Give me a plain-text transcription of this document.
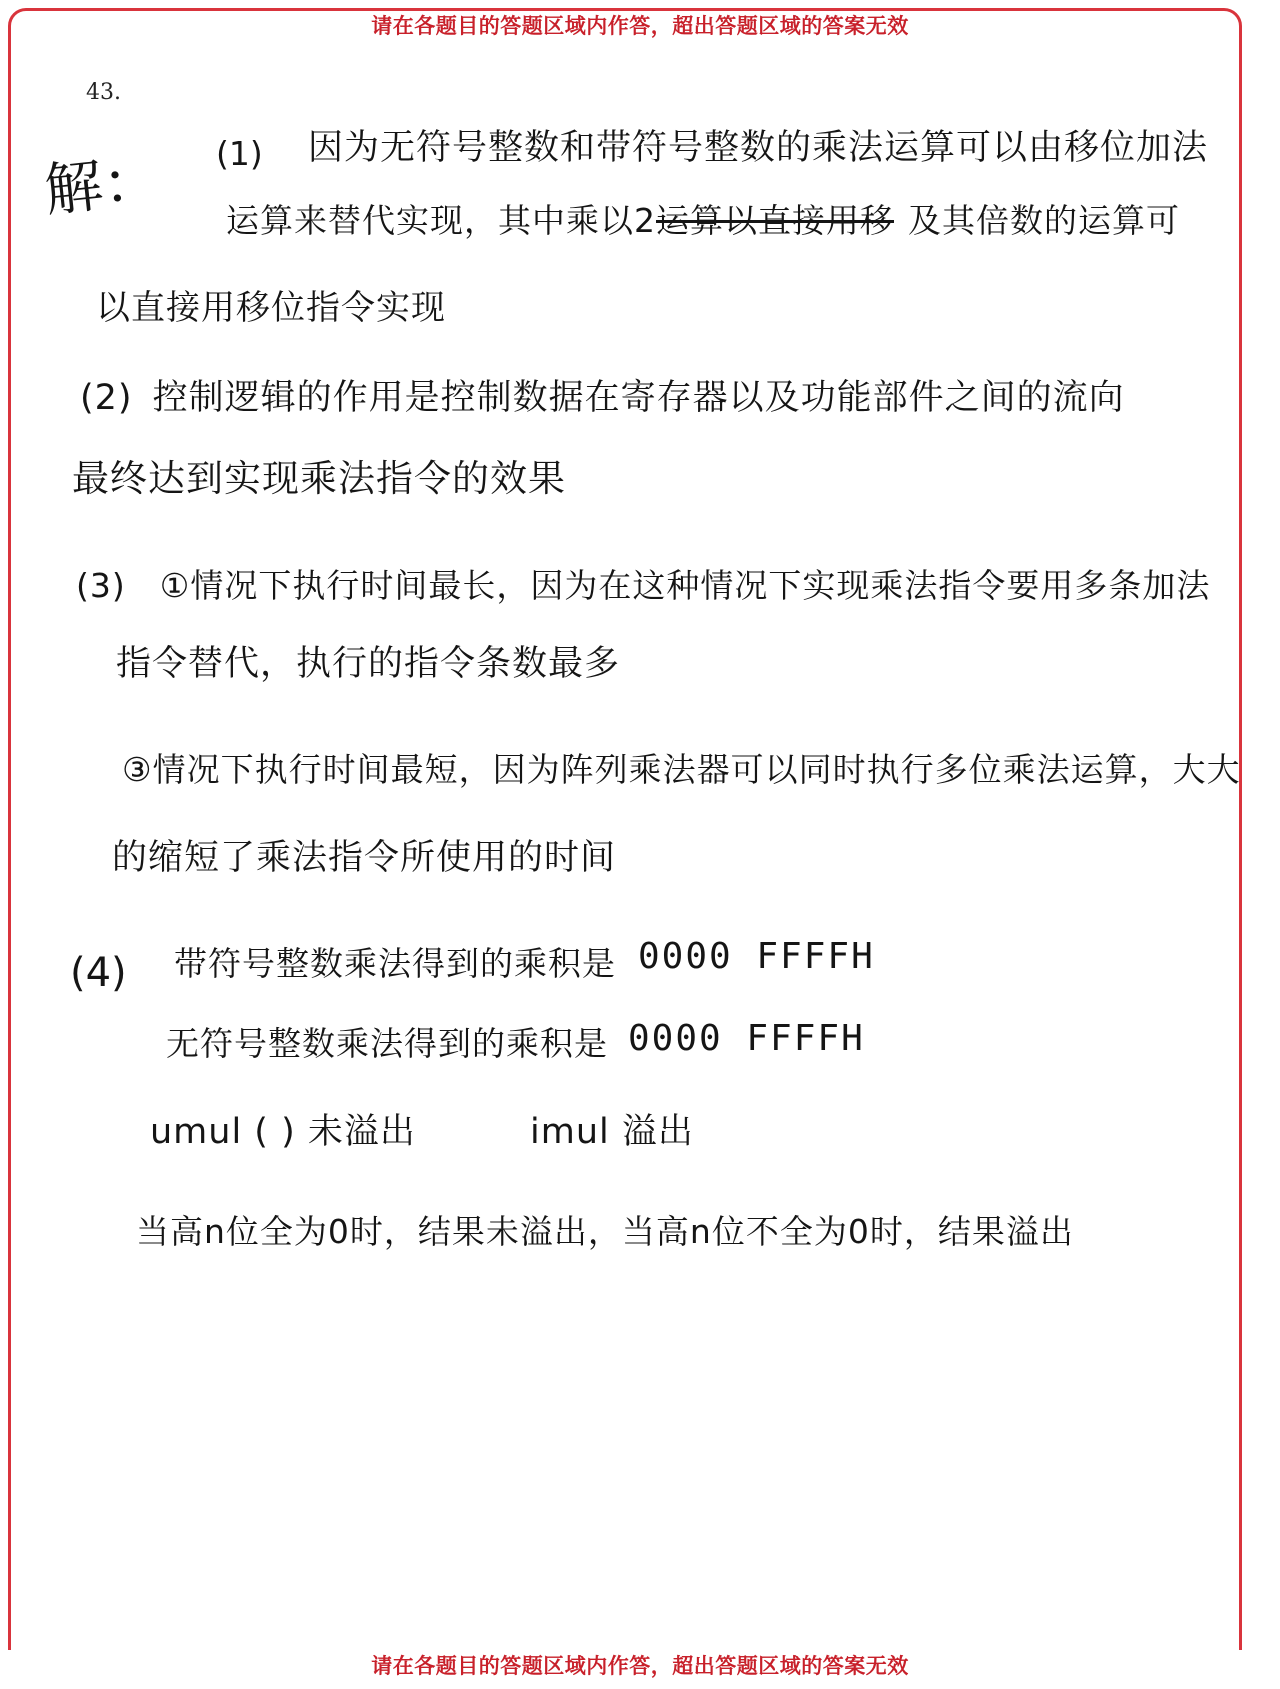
请在各题目的答题区域内作答，超出答题区域的答案无效
43.
解： (1) 因为无符号整数和带符号整数的乘法运算可以由移位加法
运算来替代实现，其中乘以2运算以直接用移 及其倍数的运算可
以直接用移位指令实现
(2) 控制逻辑的作用是控制数据在寄存器以及功能部件之间的流向
最终达到实现乘法指令的效果
(3) ①情况下执行时间最长，因为在这种情况下实现乘法指令要用多条加法
指令替代，执行的指令条数最多
③情况下执行时间最短，因为阵列乘法器可以同时执行多位乘法运算，大大
的缩短了乘法指令所使用的时间
(4) 带符号整数乘法得到的乘积是 0000 FFFFH
无符号整数乘法得到的乘积是 0000 FFFFH
umul ( ) 未溢出	imul 溢出
当高n位全为0时，结果未溢出，当高n位不全为0时，结果溢出
请在各题目的答题区域内作答，超出答题区域的答案无效
